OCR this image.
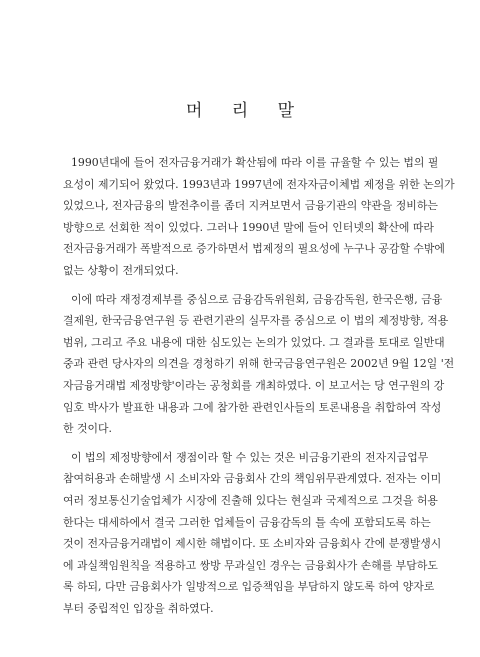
머 리 말
1990년대에 들어 전자금융거래가 확산됨에 따라 이를 규율할 수 있는 법의 필
요성이 제기되어 왔었다. 1993년과 1997년에 전자자금이체법 제정을 위한 논의가
있었으나, 전자금융의 발전추이를 좀더 지켜보면서 금융기관의 약관을 정비하는
방향으로 선회한 적이 있었다. 그러나 1990년 말에 들어 인터넷의 확산에 따라
전자금융거래가 폭발적으로 증가하면서 법제정의 필요성에 누구나 공감할 수밖에
없는 상황이 전개되었다.
이에 따라 재정경제부를 중심으로 금융감독위원회, 금융감독원, 한국은행, 금융
결제원, 한국금융연구원 등 관련기관의 실무자를 중심으로 이 법의 제정방향, 적용
범위, 그리고 주요 내용에 대한 심도있는 논의가 있었다. 그 결과를 토대로 일반대
중과 관련 당사자의 의견을 경청하기 위해 한국금융연구원은 2002년 9월 12일 '전
자금융거래법 제정방향'이라는 공청회를 개최하였다. 이 보고서는 당 연구원의 강
임호 박사가 발표한 내용과 그에 참가한 관련인사들의 토론내용을 취합하여 작성
한 것이다.
이 법의 제정방향에서 쟁점이라 할 수 있는 것은 비금융기관의 전자지급업무
참여허용과 손해발생 시 소비자와 금융회사 간의 책임위무관계였다. 전자는 이미
여러 정보통신기술업체가 시장에 진출해 있다는 현실과 국제적으로 그것을 허용
한다는 대세하에서 결국 그러한 업체들이 금융감독의 틀 속에 포함되도록 하는
것이 전자금융거래법이 제시한 해법이다. 또 소비자와 금융회사 간에 분쟁발생시
에 과실책임원칙을 적용하고 쌍방 무과실인 경우는 금융회사가 손해를 부담하도
록 하되, 다만 금융회사가 일방적으로 입증책임을 부담하지 않도록 하여 양자로
부터 중립적인 입장을 취하였다.
